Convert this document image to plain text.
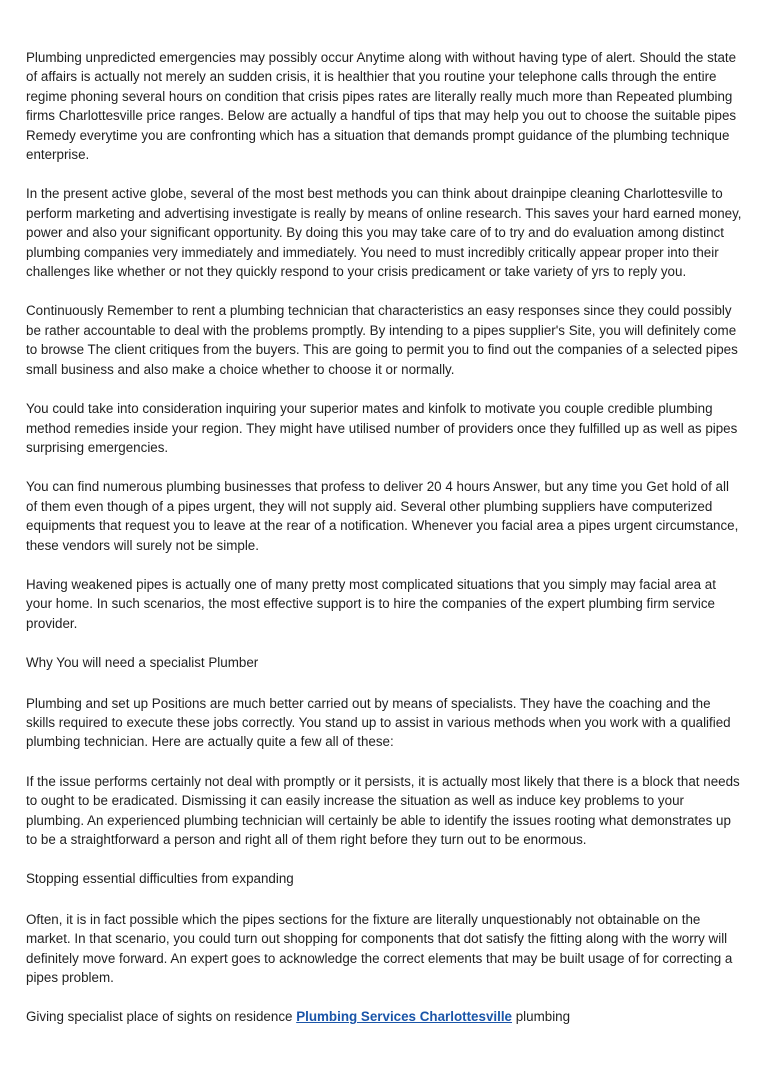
Plumbing unpredicted emergencies may possibly occur Anytime along with without having type of alert. Should the state of affairs is actually not merely an sudden crisis, it is healthier that you routine your telephone calls through the entire regime phoning several hours on condition that crisis pipes rates are literally really much more than Repeated plumbing firms Charlottesville price ranges. Below are actually a handful of tips that may help you out to choose the suitable pipes Remedy everytime you are confronting which has a situation that demands prompt guidance of the plumbing technique enterprise.

In the present active globe, several of the most best methods you can think about drainpipe cleaning Charlottesville to perform marketing and advertising investigate is really by means of online research. This saves your hard earned money, power and also your significant opportunity. By doing this you may take care of to try and do evaluation among distinct plumbing companies very immediately and immediately. You need to must incredibly critically appear proper into their challenges like whether or not they quickly respond to your crisis predicament or take variety of yrs to reply you.

Continuously Remember to rent a plumbing technician that characteristics an easy responses since they could possibly be rather accountable to deal with the problems promptly. By intending to a pipes supplier's Site, you will definitely come to browse The client critiques from the buyers. This are going to permit you to find out the companies of a selected pipes small business and also make a choice whether to choose it or normally.

You could take into consideration inquiring your superior mates and kinfolk to motivate you couple credible plumbing method remedies inside your region. They might have utilised number of providers once they fulfilled up as well as pipes surprising emergencies.

You can find numerous plumbing businesses that profess to deliver 20 4 hours Answer, but any time you Get hold of all of them even though of a pipes urgent, they will not supply aid. Several other plumbing suppliers have computerized equipments that request you to leave at the rear of a notification. Whenever you facial area a pipes urgent circumstance, these vendors will surely not be simple.

Having weakened pipes is actually one of many pretty most complicated situations that you simply may facial area at your home. In such scenarios, the most effective support is to hire the companies of the expert plumbing firm service provider.

Why You will need a specialist Plumber

Plumbing and set up Positions are much better carried out by means of specialists. They have the coaching and the skills required to execute these jobs correctly. You stand up to assist in various methods when you work with a qualified plumbing technician. Here are actually quite a few all of these:

If the issue performs certainly not deal with promptly or it persists, it is actually most likely that there is a block that needs to ought to be eradicated. Dismissing it can easily increase the situation as well as induce key problems to your plumbing. An experienced plumbing technician will certainly be able to identify the issues rooting what demonstrates up to be a straightforward a person and right all of them right before they turn out to be enormous.

Stopping essential difficulties from expanding

Often, it is in fact possible which the pipes sections for the fixture are literally unquestionably not obtainable on the market. In that scenario, you could turn out shopping for components that dot satisfy the fitting along with the worry will definitely move forward. An expert goes to acknowledge the correct elements that may be built usage of for correcting a pipes problem.

Giving specialist place of sights on residence Plumbing Services Charlottesville plumbing
